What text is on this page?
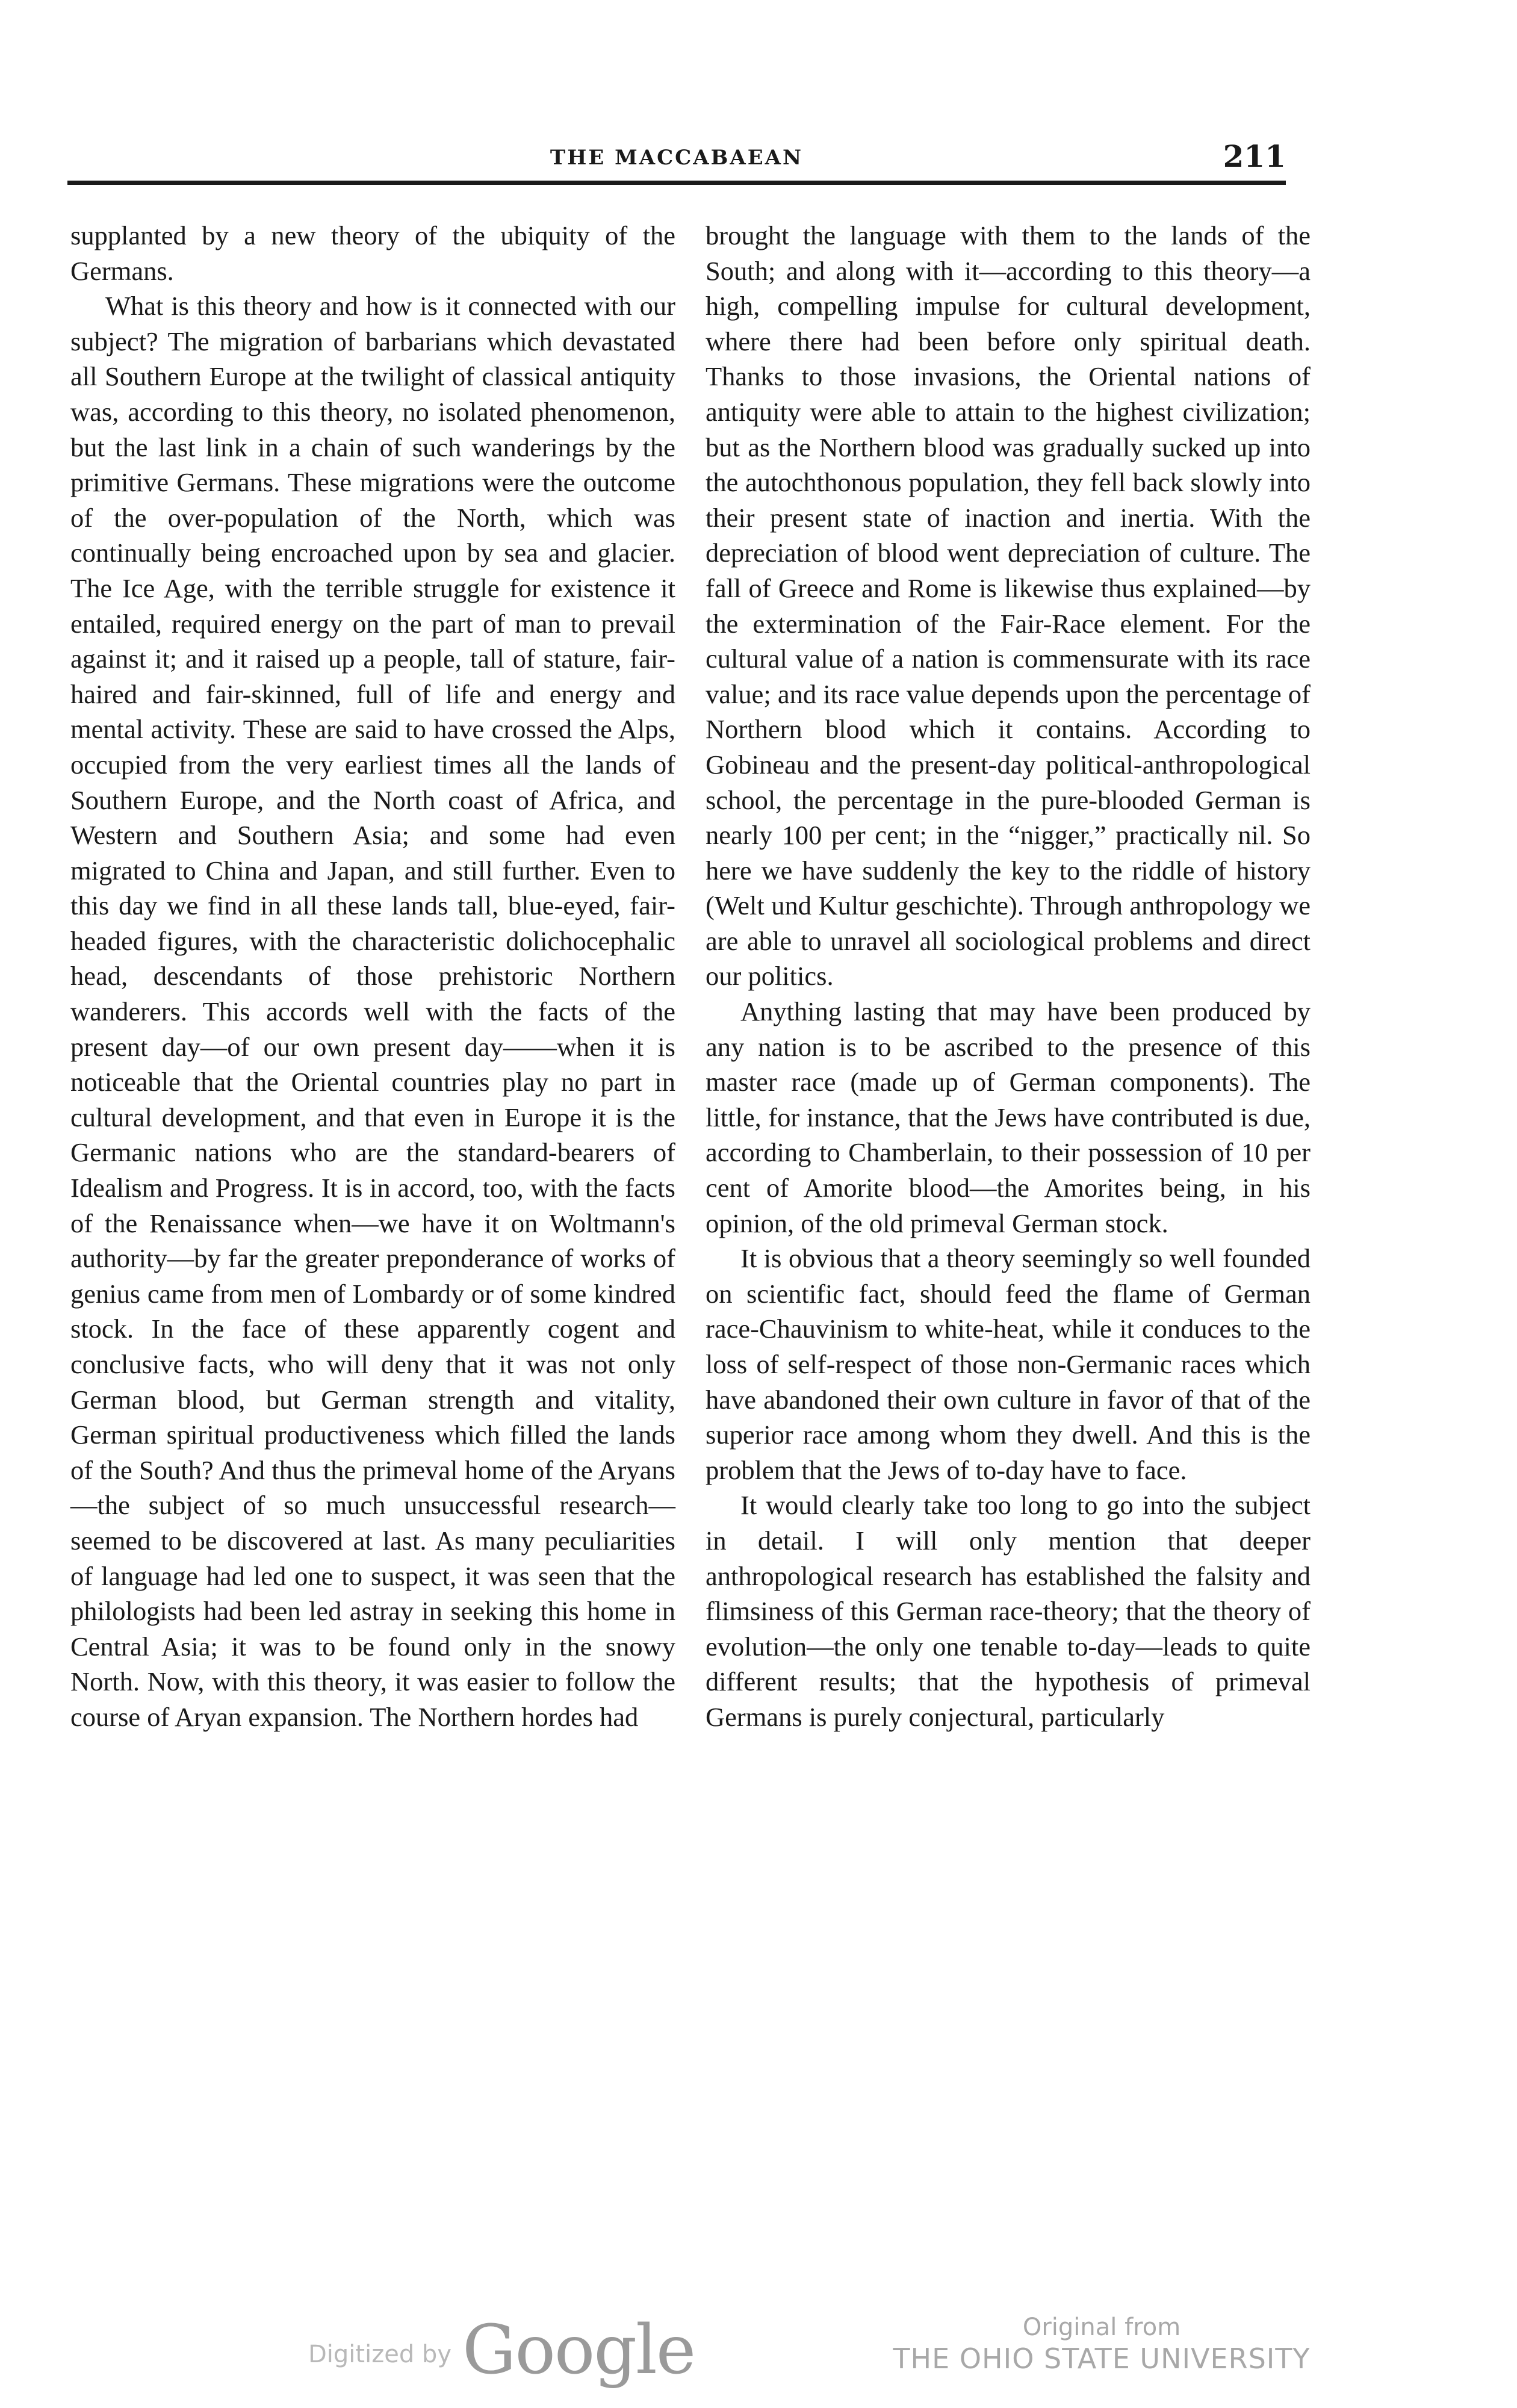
THE MACCABAEAN	211

supplanted by a new theory of the ubiquity of the Germans.

What is this theory and how is it connected with our subject? The migration of barbarians which devastated all Southern Europe at the twilight of classical antiquity was, according to this theory, no isolated phenomenon, but the last link in a chain of such wanderings by the primitive Germans. These migrations were the outcome of the over-population of the North, which was continually being encroached upon by sea and glacier. The Ice Age, with the terrible struggle for existence it entailed, required energy on the part of man to prevail against it; and it raised up a people, tall of stature, fair-haired and fair-skinned, full of life and energy and mental activity. These are said to have crossed the Alps, occupied from the very earliest times all the lands of Southern Europe, and the North coast of Africa, and Western and Southern Asia; and some had even migrated to China and Japan, and still further. Even to this day we find in all these lands tall, blue-eyed, fair-headed figures, with the characteristic dolichocephalic head, descendants of those prehistoric Northern wanderers. This accords well with the facts of the present day—of our own present day——when it is noticeable that the Oriental countries play no part in cultural development, and that even in Europe it is the Germanic nations who are the standard-bearers of Idealism and Progress. It is in accord, too, with the facts of the Renaissance when—we have it on Woltmann's authority—by far the greater preponderance of works of genius came from men of Lombardy or of some kindred stock. In the face of these apparently cogent and conclusive facts, who will deny that it was not only German blood, but German strength and vitality, German spiritual productiveness which filled the lands of the South? And thus the primeval home of the Aryans—the subject of so much unsuccessful research—seemed to be discovered at last. As many peculiarities of language had led one to suspect, it was seen that the philologists had been led astray in seeking this home in Central Asia; it was to be found only in the snowy North. Now, with this theory, it was easier to follow the course of Aryan expansion. The Northern hordes had

brought the language with them to the lands of the South; and along with it—according to this theory—a high, compelling impulse for cultural development, where there had been before only spiritual death. Thanks to those invasions, the Oriental nations of antiquity were able to attain to the highest civilization; but as the Northern blood was gradually sucked up into the autochthonous population, they fell back slowly into their present state of inaction and inertia. With the depreciation of blood went depreciation of culture. The fall of Greece and Rome is likewise thus explained—by the extermination of the Fair-Race element. For the cultural value of a nation is commensurate with its race value; and its race value depends upon the percentage of Northern blood which it contains. According to Gobineau and the present-day political-anthropological school, the percentage in the pure-blooded German is nearly 100 per cent; in the “nigger,” practically nil. So here we have suddenly the key to the riddle of history (Welt und Kultur geschichte). Through anthropology we are able to unravel all sociological problems and direct our politics.

Anything lasting that may have been produced by any nation is to be ascribed to the presence of this master race (made up of German components). The little, for instance, that the Jews have contributed is due, according to Chamberlain, to their possession of 10 per cent of Amorite blood—the Amorites being, in his opinion, of the old primeval German stock.

It is obvious that a theory seemingly so well founded on scientific fact, should feed the flame of German race-Chauvinism to white-heat, while it conduces to the loss of self-respect of those non-Germanic races which have abandoned their own culture in favor of that of the superior race among whom they dwell. And this is the problem that the Jews of to-day have to face.

It would clearly take too long to go into the subject in detail. I will only mention that deeper anthropological research has established the falsity and flimsiness of this German race-theory; that the theory of evolution—the only one tenable to-day—leads to quite different results; that the hypothesis of primeval Germans is purely conjectural, particularly

Digitized by Google	Original from
THE OHIO STATE UNIVERSITY
